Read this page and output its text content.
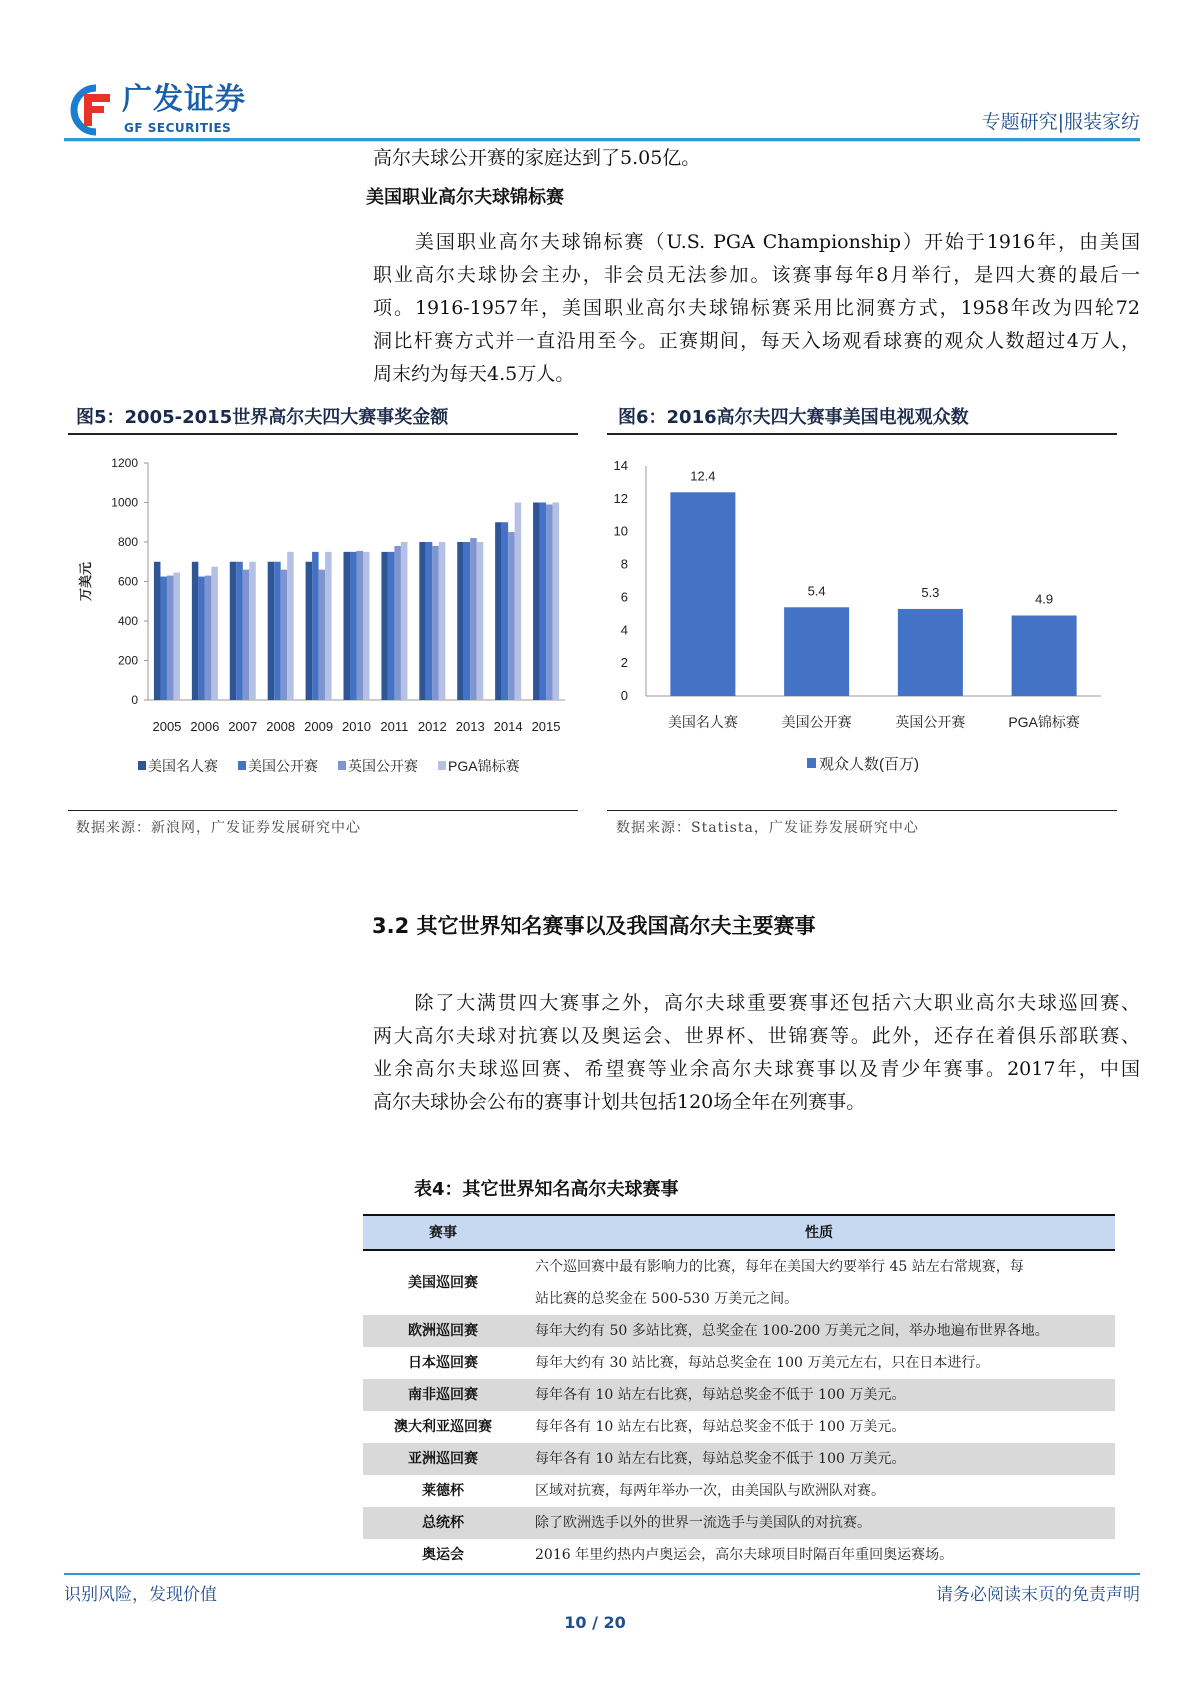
广发证券
GF SECURITIES	专题研究|服装家纺
高尔夫球公开赛的家庭达到了5.05亿。
美国职业高尔夫球锦标赛
　　美国职业高尔夫球锦标赛（U.S. PGA Championship）开始于1916年，由美国
职业高尔夫球协会主办，非会员无法参加。该赛事每年8月举行，是四大赛的最后一
项。1916-1957年，美国职业高尔夫球锦标赛采用比洞赛方式，1958年改为四轮72
洞比杆赛方式并一直沿用至今。正赛期间，每天入场观看球赛的观众人数超过4万人，
周末约为每天4.5万人。
图5：2005-2015世界高尔夫四大赛事奖金额
0
200
400
600
800
1000
1200
万美元
2005 2006 2007 2008 2009 2010 2011 2012 2013 2014 2015
美国名人赛 美国公开赛 英国公开赛 PGA锦标赛
数据来源：新浪网，广发证券发展研究中心
图6：2016高尔夫四大赛事美国电视观众数
0
2
4
6
8
10
12
14
12.4
美国名人赛
5.4
美国公开赛
5.3
英国公开赛
4.9
PGA锦标赛
观众人数(百万)
数据来源：Statista，广发证券发展研究中心
3.2 其它世界知名赛事以及我国高尔夫主要赛事
　　除了大满贯四大赛事之外，高尔夫球重要赛事还包括六大职业高尔夫球巡回赛、
两大高尔夫球对抗赛以及奥运会、世界杯、世锦赛等。此外，还存在着俱乐部联赛、
业余高尔夫球巡回赛、希望赛等业余高尔夫球赛事以及青少年赛事。2017年，中国
高尔夫球协会公布的赛事计划共包括120场全年在列赛事。
表4：其它世界知名高尔夫球赛事
赛事	性质
美国巡回赛	六个巡回赛中最有影响力的比赛，每年在美国大约要举行 45 站左右常规赛，每
站比赛的总奖金在 500-530 万美元之间。

欧洲巡回赛	每年大约有 50 多站比赛，总奖金在 100-200 万美元之间，举办地遍布世界各地。
日本巡回赛	每年大约有 30 站比赛，每站总奖金在 100 万美元左右，只在日本进行。
南非巡回赛	每年各有 10 站左右比赛，每站总奖金不低于 100 万美元。
澳大利亚巡回赛	每年各有 10 站左右比赛，每站总奖金不低于 100 万美元。
亚洲巡回赛	每年各有 10 站左右比赛，每站总奖金不低于 100 万美元。
莱德杯	区域对抗赛，每两年举办一次，由美国队与欧洲队对赛。
总统杯	除了欧洲选手以外的世界一流选手与美国队的对抗赛。
奥运会	2016 年里约热内卢奥运会，高尔夫球项目时隔百年重回奥运赛场。
识别风险，发现价值	请务必阅读末页的免责声明
10 / 20
